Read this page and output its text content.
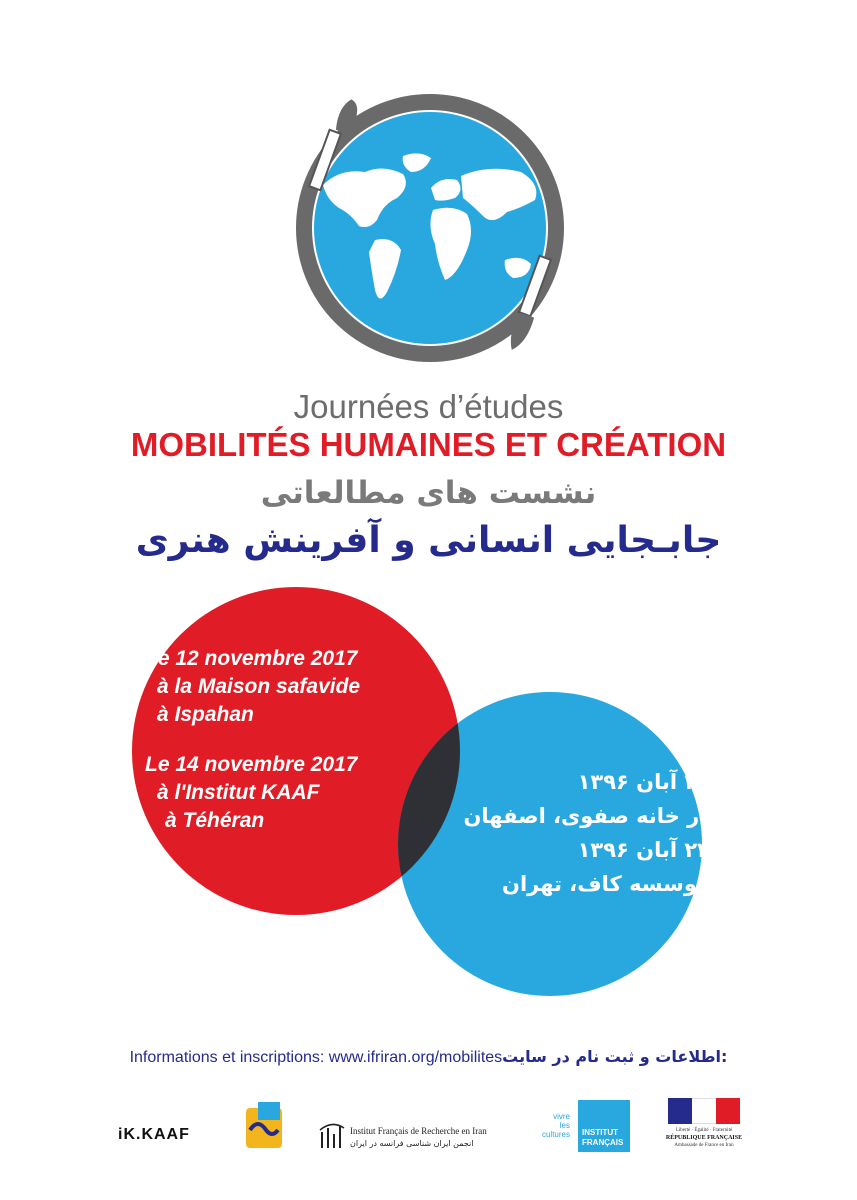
Journées d’études
MOBILITÉS HUMAINES ET CRÉATION
نشست های مطالعاتی
جابـجایی انسانی و آفرینش هنری
Le 12 novembre 2017
à la Maison safavide
à Ispahan
Le 14 novembre 2017
à l'Institut KAAF
à Téhéran
۲۱ آبان ۱۳۹۶
در خانه صفوی، اصفهان
۲۳ آبان ۱۳۹۶
موسسه کاف، تهران
Informations et inscriptions: www.ifriran.org/mobilites:اطلاعات و ثبت نام در سایت
iK.KAAF	Institut Français de Recherche en Iran
انجمن ایران شناسی فرانسه در ایران
vivre
les
cultures INSTITUT
FRANÇAIS
Liberté · Égalité · Fraternité
RÉPUBLIQUE FRANÇAISE
Ambassade de France en Iran
